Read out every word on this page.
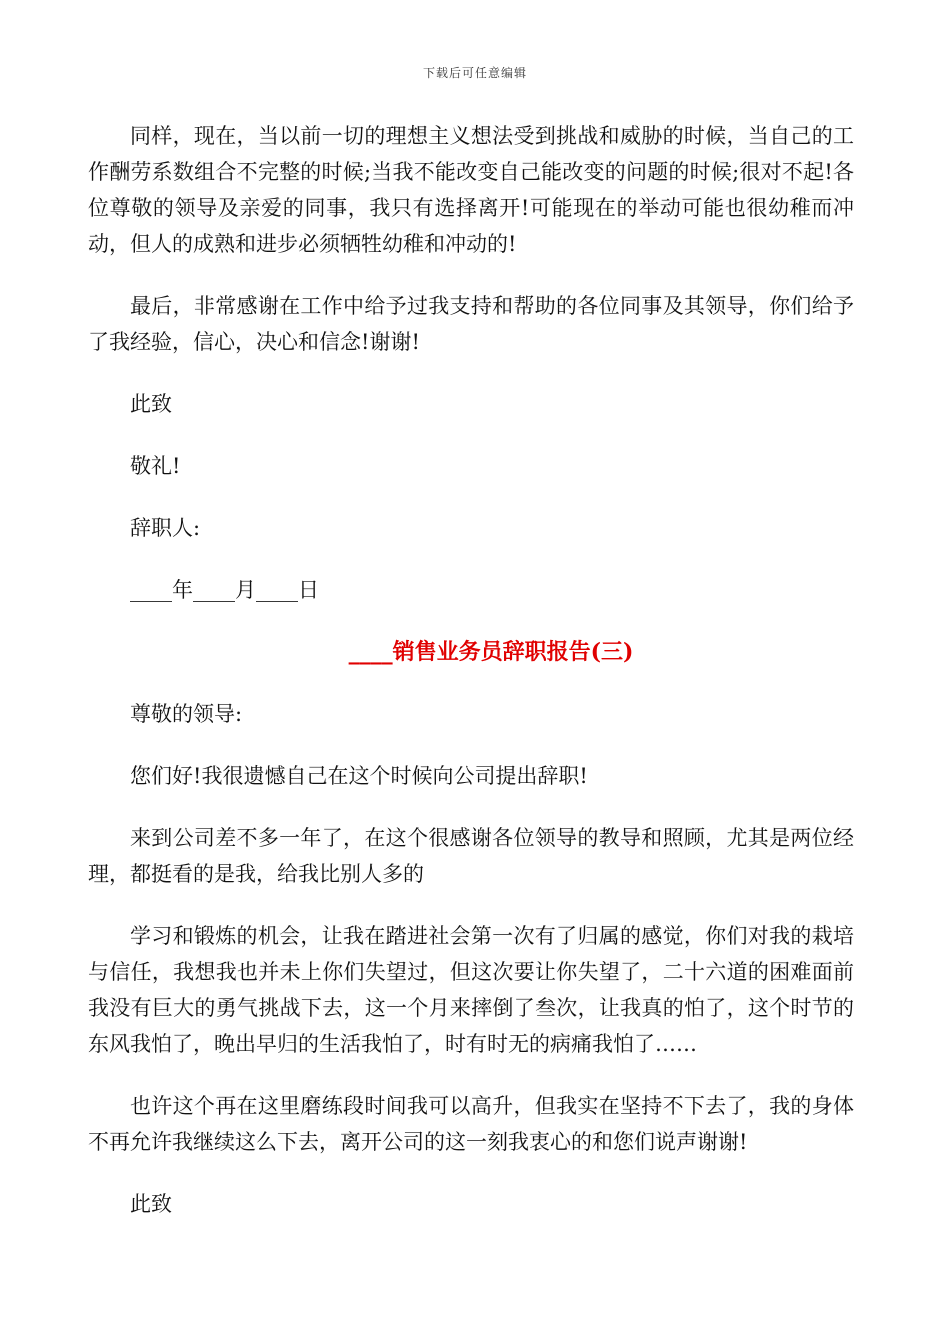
下载后可任意编辑

同样，现在，当以前一切的理想主义想法受到挑战和威胁的时候，当自己的工作酬劳系数组合不完整的时候;当我不能改变自己能改变的问题的时候;很对不起!各位尊敬的领导及亲爱的同事，我只有选择离开!可能现在的举动可能也很幼稚而冲动，但人的成熟和进步必须牺牲幼稚和冲动的!

最后，非常感谢在工作中给予过我支持和帮助的各位同事及其领导，你们给予了我经验，信心，决心和信念!谢谢!

此致

敬礼!

辞职人:

____年____月____日

____销售业务员辞职报告(三)

尊敬的领导:

您们好!我很遗憾自己在这个时候向公司提出辞职!

来到公司差不多一年了，在这个很感谢各位领导的教导和照顾，尤其是两位经理，都挺看的是我，给我比别人多的

学习和锻炼的机会，让我在踏进社会第一次有了归属的感觉，你们对我的栽培与信任，我想我也并未上你们失望过，但这次要让你失望了，二十六道的困难面前我没有巨大的勇气挑战下去，这一个月来摔倒了叁次，让我真的怕了，这个时节的东风我怕了，晚出早归的生活我怕了，时有时无的病痛我怕了……

也许这个再在这里磨练段时间我可以高升，但我实在坚持不下去了，我的身体不再允许我继续这么下去，离开公司的这一刻我衷心的和您们说声谢谢!

此致
